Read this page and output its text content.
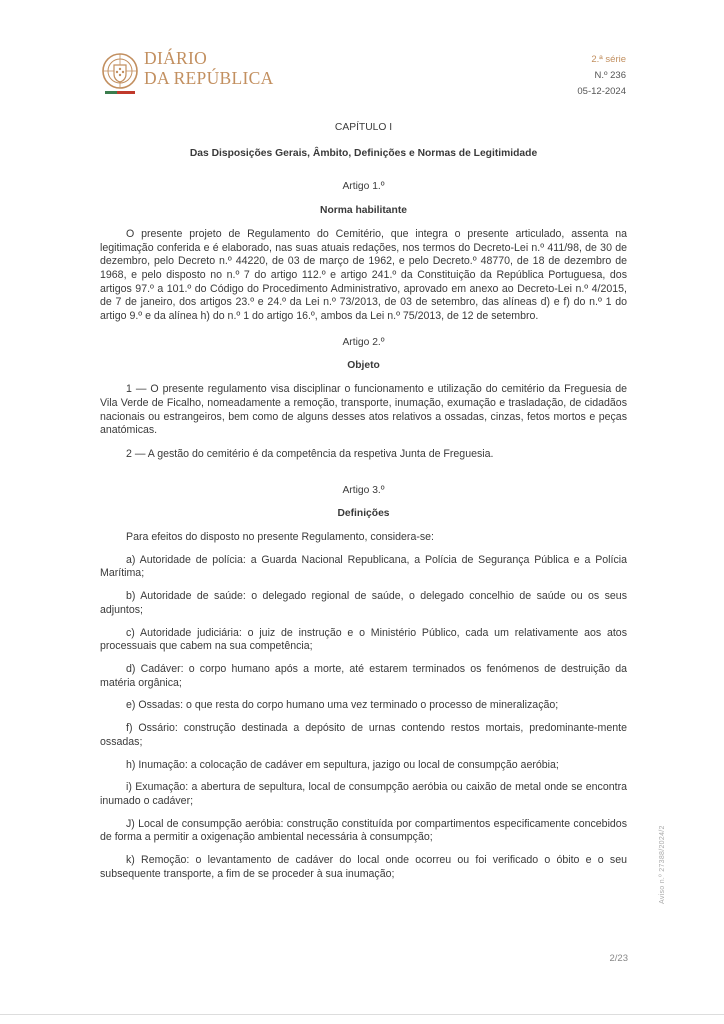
DIÁRIO
DA REPÚBLICA
2.ª série
N.º 236
05-12-2024
CAPÍTULO I
Das Disposições Gerais, Âmbito, Definições e Normas de Legitimidade
Artigo 1.º
Norma habilitante

O presente projeto de Regulamento do Cemitério, que integra o presente articulado, assenta na legitimação conferida e é elaborado, nas suas atuais redações, nos termos do Decreto-Lei n.º 411/98, de 30 de dezembro, pelo Decreto n.º 44220, de 03 de março de 1962, e pelo Decreto.º 48770, de 18 de dezembro de 1968, e pelo disposto no n.º 7 do artigo 112.º e artigo 241.º da Constituição da República Portuguesa, dos artigos 97.º a 101.º do Código do Procedimento Administrativo, aprovado em anexo ao Decreto-Lei n.º 4/2015, de 7 de janeiro, dos artigos 23.º e 24.º da Lei n.º 73/2013, de 03 de setembro, das alíneas d) e f) do n.º 1 do artigo 9.º e da alínea h) do n.º 1 do artigo 16.º, ambos da Lei n.º 75/2013, de 12 de setembro.

Artigo 2.º
Objeto

1 — O presente regulamento visa disciplinar o funcionamento e utilização do cemitério da Freguesia de Vila Verde de Ficalho, nomeadamente a remoção, transporte, inumação, exumação e trasladação, de cidadãos nacionais ou estrangeiros, bem como de alguns desses atos relativos a ossadas, cinzas, fetos mortos e peças anatómicas.

2 — A gestão do cemitério é da competência da respetiva Junta de Freguesia.

Artigo 3.º
Definições

Para efeitos do disposto no presente Regulamento, considera-se:

a) Autoridade de polícia: a Guarda Nacional Republicana, a Polícia de Segurança Pública e a Polícia Marítima;

b) Autoridade de saúde: o delegado regional de saúde, o delegado concelhio de saúde ou os seus adjuntos;

c) Autoridade judiciária: o juiz de instrução e o Ministério Público, cada um relativamente aos atos processuais que cabem na sua competência;

d) Cadáver: o corpo humano após a morte, até estarem terminados os fenómenos de destruição da matéria orgânica;

e) Ossadas: o que resta do corpo humano uma vez terminado o processo de mineralização;

f) Ossário: construção destinada a depósito de urnas contendo restos mortais, predominante-mente ossadas;

h) Inumação: a colocação de cadáver em sepultura, jazigo ou local de consumpção aeróbia;

i) Exumação: a abertura de sepultura, local de consumpção aeróbia ou caixão de metal onde se encontra inumado o cadáver;

J) Local de consumpção aeróbia: construção constituída por compartimentos especificamente concebidos de forma a permitir a oxigenação ambiental necessária à consumpção;

k) Remoção: o levantamento de cadáver do local onde ocorreu ou foi verificado o óbito e o seu subsequente transporte, a fim de se proceder à sua inumação;	Aviso n.º 27388/2024/2
2/23
